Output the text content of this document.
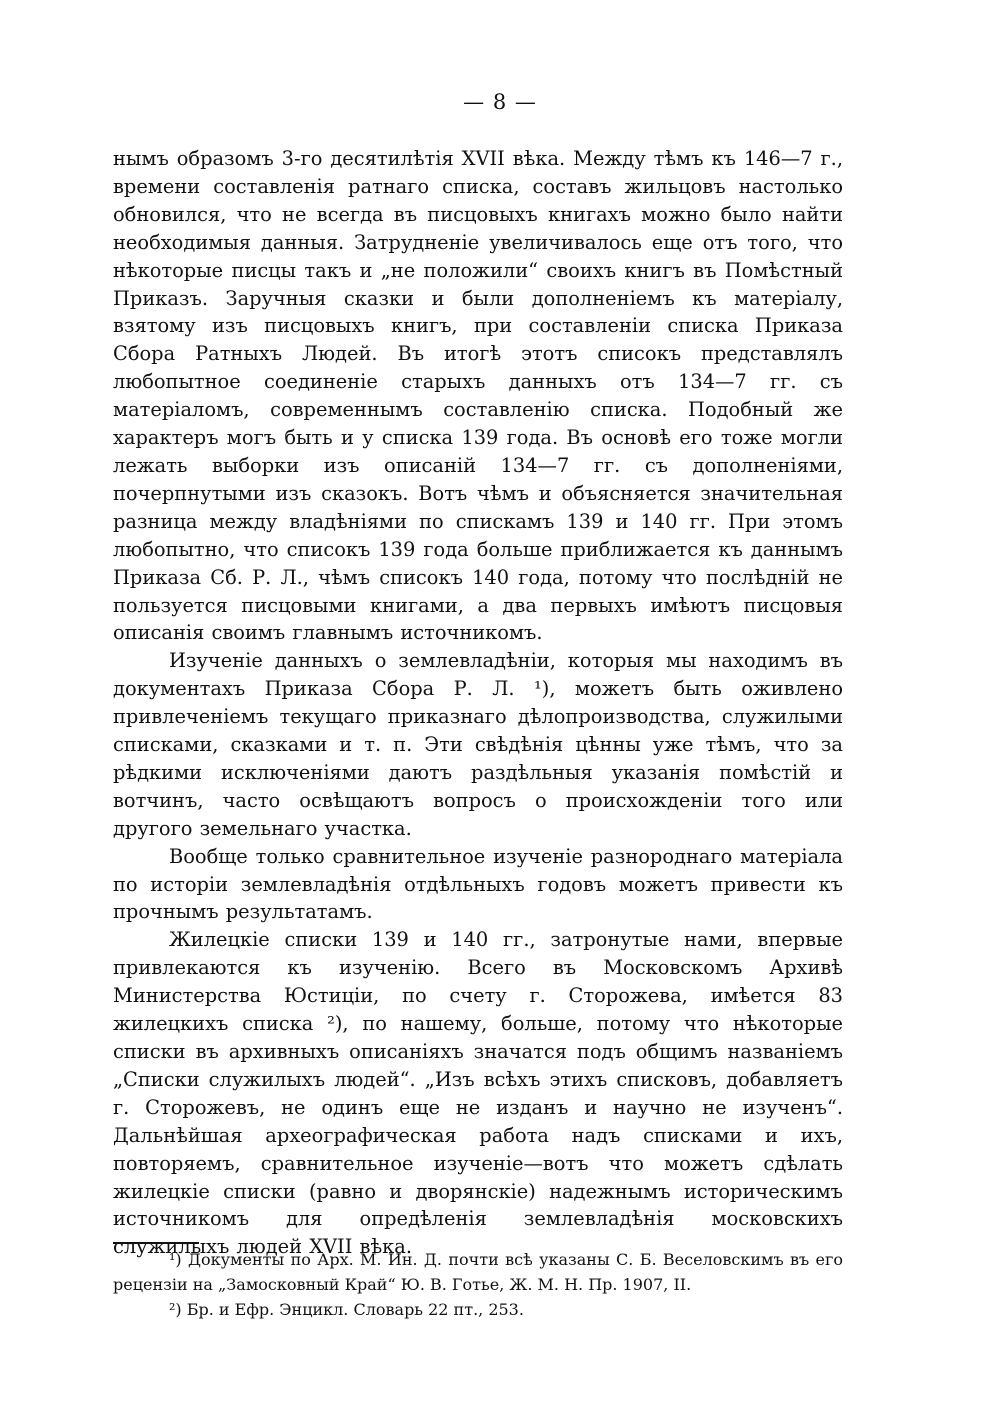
— 8 —

нымъ образомъ 3-го десятилѣтія XVII вѣка. Между тѣмъ къ 146—7 г., времени составленія ратнаго списка, составъ жильцовъ настолько обновился, что не всегда въ писцовыхъ книгахъ можно было найти необходимыя данныя. Затрудненіе увеличивалось еще отъ того, что нѣкоторые писцы такъ и „не положили“ своихъ книгъ въ Помѣстный Приказъ. Заручныя сказки и были дополненіемъ къ матеріалу, взятому изъ писцовыхъ книгъ, при составленіи списка Приказа Сбора Ратныхъ Людей. Въ итогѣ этотъ списокъ представлялъ любопытное соединеніе старыхъ данныхъ отъ 134—7 гг. съ матеріаломъ, современнымъ составленію списка. Подобный же характеръ могъ быть и у списка 139 года. Въ основѣ его тоже могли лежать выборки изъ описаній 134—7 гг. съ дополненіями, почерпнутыми изъ сказокъ. Вотъ чѣмъ и объясняется значительная разница между владѣніями по спискамъ 139 и 140 гг. При этомъ любопытно, что списокъ 139 года больше приближается къ даннымъ Приказа Сб. Р. Л., чѣмъ списокъ 140 года, потому что послѣдній не пользуется писцовыми книгами, а два первыхъ имѣютъ писцовыя описанія своимъ главнымъ источникомъ.

Изученіе данныхъ о землевладѣніи, которыя мы находимъ въ документахъ Приказа Сбора Р. Л. ¹), можетъ быть оживлено привлеченіемъ текущаго приказнаго дѣлопроизводства, служилыми списками, сказками и т. п. Эти свѣдѣнія цѣнны уже тѣмъ, что за рѣдкими исключеніями даютъ раздѣльныя указанія помѣстій и вотчинъ, часто освѣщаютъ вопросъ о происхожденіи того или другого земельнаго участка.

Вообще только сравнительное изученіе разнороднаго матеріала по исторіи землевладѣнія отдѣльныхъ годовъ можетъ привести къ прочнымъ результатамъ.

Жилецкіе списки 139 и 140 гг., затронутые нами, впервые привлекаются къ изученію. Всего въ Московскомъ Архивѣ Министерства Юстиціи, по счету г. Сторожева, имѣется 83 жилецкихъ списка ²), по нашему, больше, потому что нѣкоторые списки въ архивныхъ описаніяхъ значатся подъ общимъ названіемъ „Списки служилыхъ людей“. „Изъ всѣхъ этихъ списковъ, добавляетъ г. Сторожевъ, не одинъ еще не изданъ и научно не изученъ“. Дальнѣйшая археографическая работа надъ списками и ихъ, повторяемъ, сравнительное изученіе—вотъ что можетъ сдѣлать жилецкіе списки (равно и дворянскіе) надежнымъ историческимъ источникомъ для опредѣленія землевладѣнія московскихъ служилыхъ людей XVII вѣка.

¹) Документы по Арх. М. Ин. Д. почти всѣ указаны С. Б. Веселовскимъ въ его рецензіи на „Замосковный Край“ Ю. В. Готье, Ж. М. Н. Пр. 1907, II.

²) Бр. и Ефр. Энцикл. Словарь 22 пт., 253.
